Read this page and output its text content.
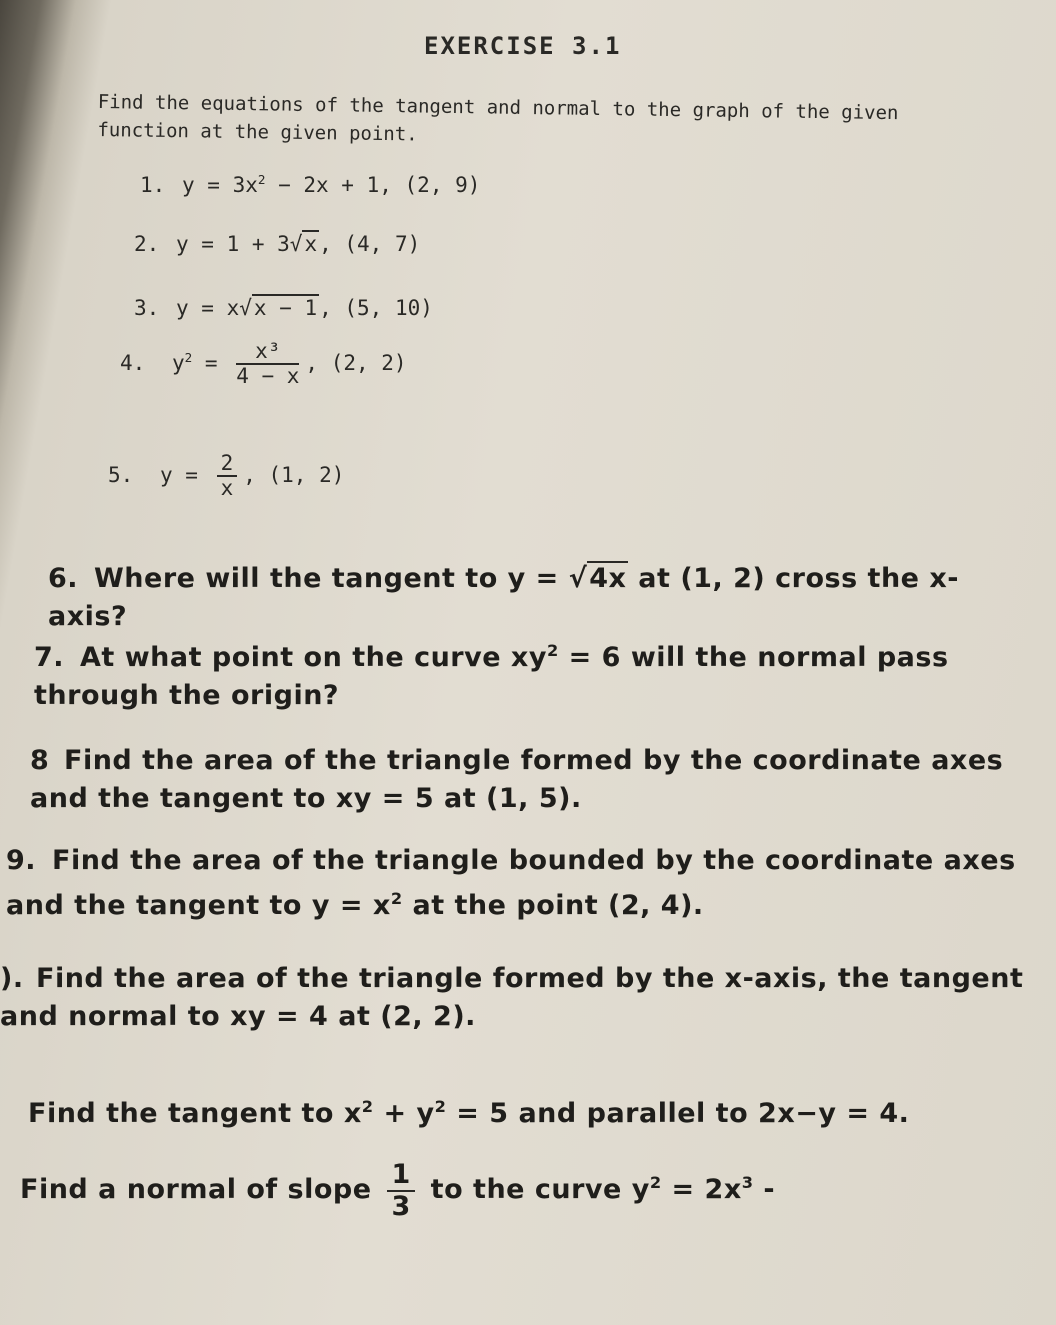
EXERCISE 3.1
Find the equations of the tangent and normal to the graph of the given function at the given point.
1. $y = 3x^2 - 2x + 1$, (2, 9)
2. y = 1 + 3√x, (4, 7)
3. y = x√x − 1, (5, 10)
4. $y^2 = \frac{\text{x³}}{4 - x}$ , (2, 2)
5. $y = \frac{2}{x}$ , (1, 2)
6. Where will the tangent to y = √4x at (1, 2) cross the x-axis?
7. At what point on the curve $xy^2 = 6$ will the normal pass through the origin?
8 Find the area of the triangle formed by the coordinate axes and the tangent to xy = 5 at (1, 5).
9. Find the area of the triangle bounded by the coordinate axes and the tangent to $y = x^2$ at the point (2, 4).
). Find the area of the triangle formed by the x-axis, the tangent and normal to xy = 4 at (2, 2).
Find the tangent to $x^2 + y^2 = 5$ and parallel to 2x−y = 4.
Find a normal of slope $\frac{1}{3}$ to the curve $y^2 = 2x^3$ -
